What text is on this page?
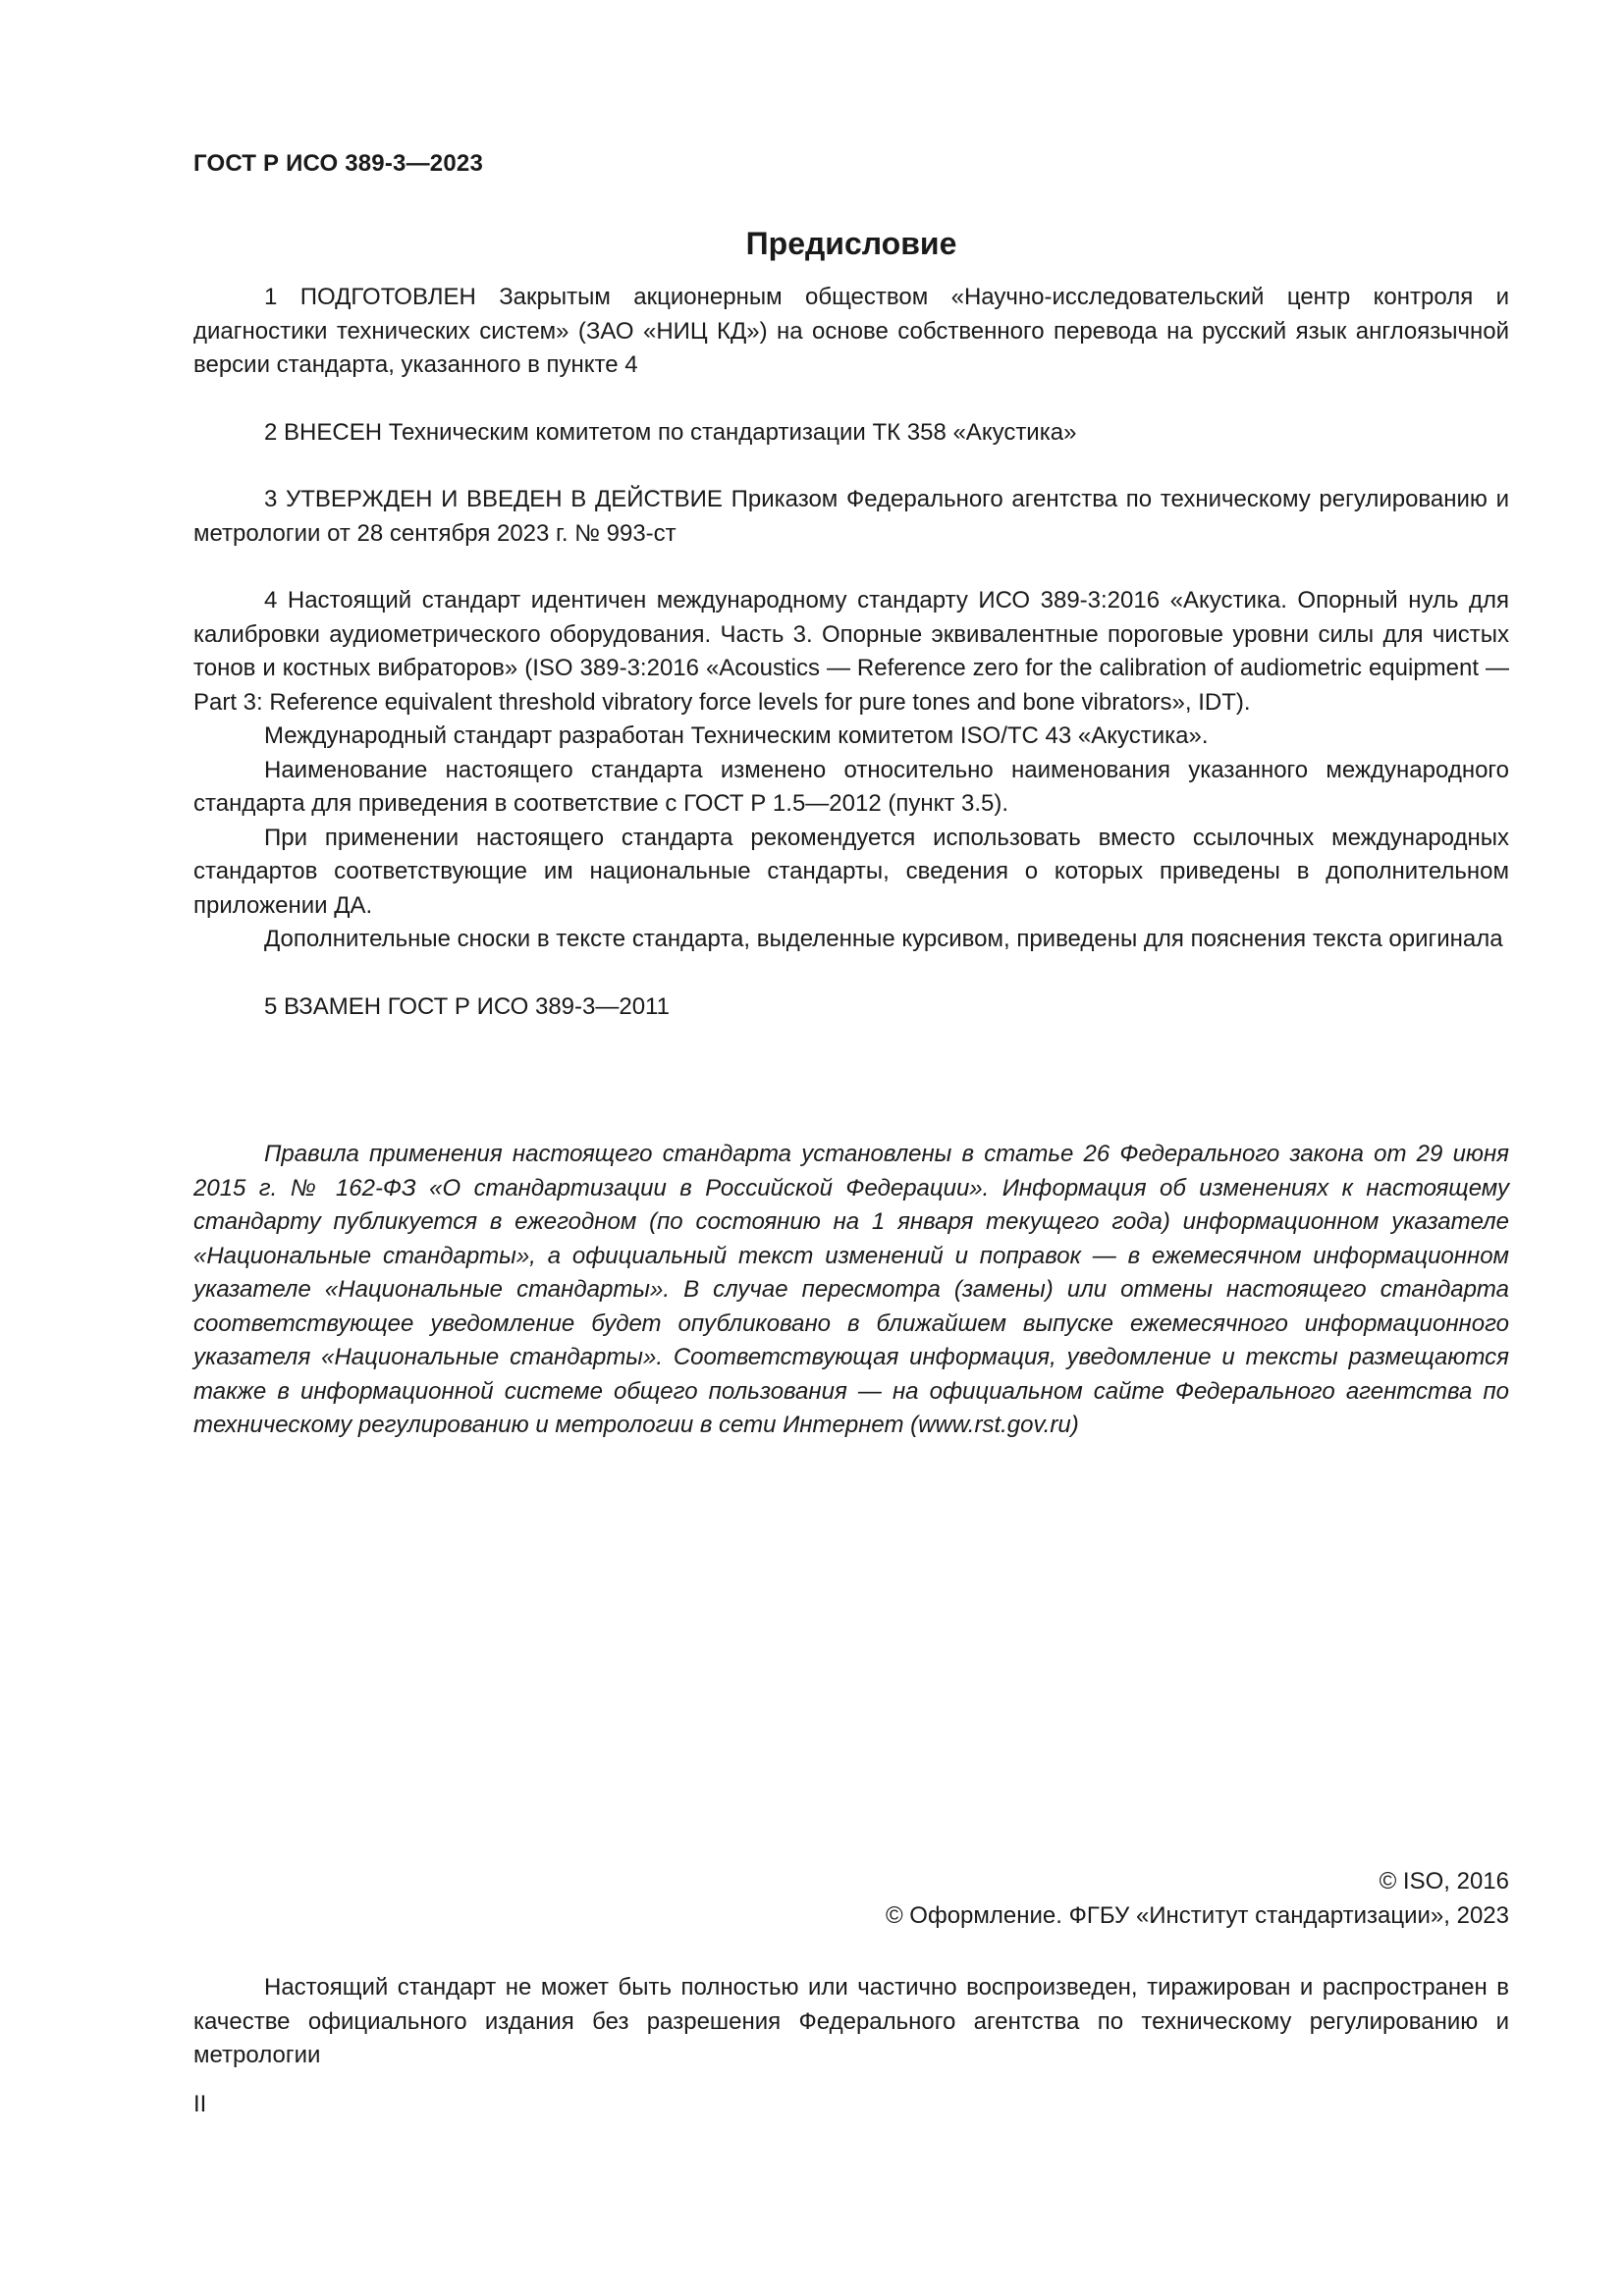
ГОСТ Р ИСО 389-3—2023
Предисловие

1 ПОДГОТОВЛЕН Закрытым акционерным обществом «Научно-исследовательский центр контроля и диагностики технических систем» (ЗАО «НИЦ КД») на основе собственного перевода на русский язык англоязычной версии стандарта, указанного в пункте 4

2 ВНЕСЕН Техническим комитетом по стандартизации ТК 358 «Акустика»

3 УТВЕРЖДЕН И ВВЕДЕН В ДЕЙСТВИЕ Приказом Федерального агентства по техническому регулированию и метрологии от 28 сентября 2023 г. № 993-ст

4 Настоящий стандарт идентичен международному стандарту ИСО 389-3:2016 «Акустика. Опорный нуль для калибровки аудиометрического оборудования. Часть 3. Опорные эквивалентные пороговые уровни силы для чистых тонов и костных вибраторов» (ISO 389-3:2016 «Acoustics — Reference zero for the calibration of audiometric equipment — Part 3: Reference equivalent threshold vibratory force levels for pure tones and bone vibrators», IDT).

Международный стандарт разработан Техническим комитетом ISO/TC 43 «Акустика».

Наименование настоящего стандарта изменено относительно наименования указанного международного стандарта для приведения в соответствие с ГОСТ Р 1.5—2012 (пункт 3.5).

При применении настоящего стандарта рекомендуется использовать вместо ссылочных международных стандартов соответствующие им национальные стандарты, сведения о которых приведены в дополнительном приложении ДА.

Дополнительные сноски в тексте стандарта, выделенные курсивом, приведены для пояснения текста оригинала

5 ВЗАМЕН ГОСТ Р ИСО 389-3—2011

Правила применения настоящего стандарта установлены в статье 26 Федерального закона от 29 июня 2015 г. № 162-ФЗ «О стандартизации в Российской Федерации». Информация об изменениях к настоящему стандарту публикуется в ежегодном (по состоянию на 1 января текущего года) информационном указателе «Национальные стандарты», а официальный текст изменений и поправок — в ежемесячном информационном указателе «Национальные стандарты». В случае пересмотра (замены) или отмены настоящего стандарта соответствующее уведомление будет опубликовано в ближайшем выпуске ежемесячного информационного указателя «Национальные стандарты». Соответствующая информация, уведомление и тексты размещаются также в информационной системе общего пользования — на официальном сайте Федерального агентства по техническому регулированию и метрологии в сети Интернет (www.rst.gov.ru)

© ISO, 2016
© Оформление. ФГБУ «Институт стандартизации», 2023

Настоящий стандарт не может быть полностью или частично воспроизведен, тиражирован и распространен в качестве официального издания без разрешения Федерального агентства по техническому регулированию и метрологии

II
